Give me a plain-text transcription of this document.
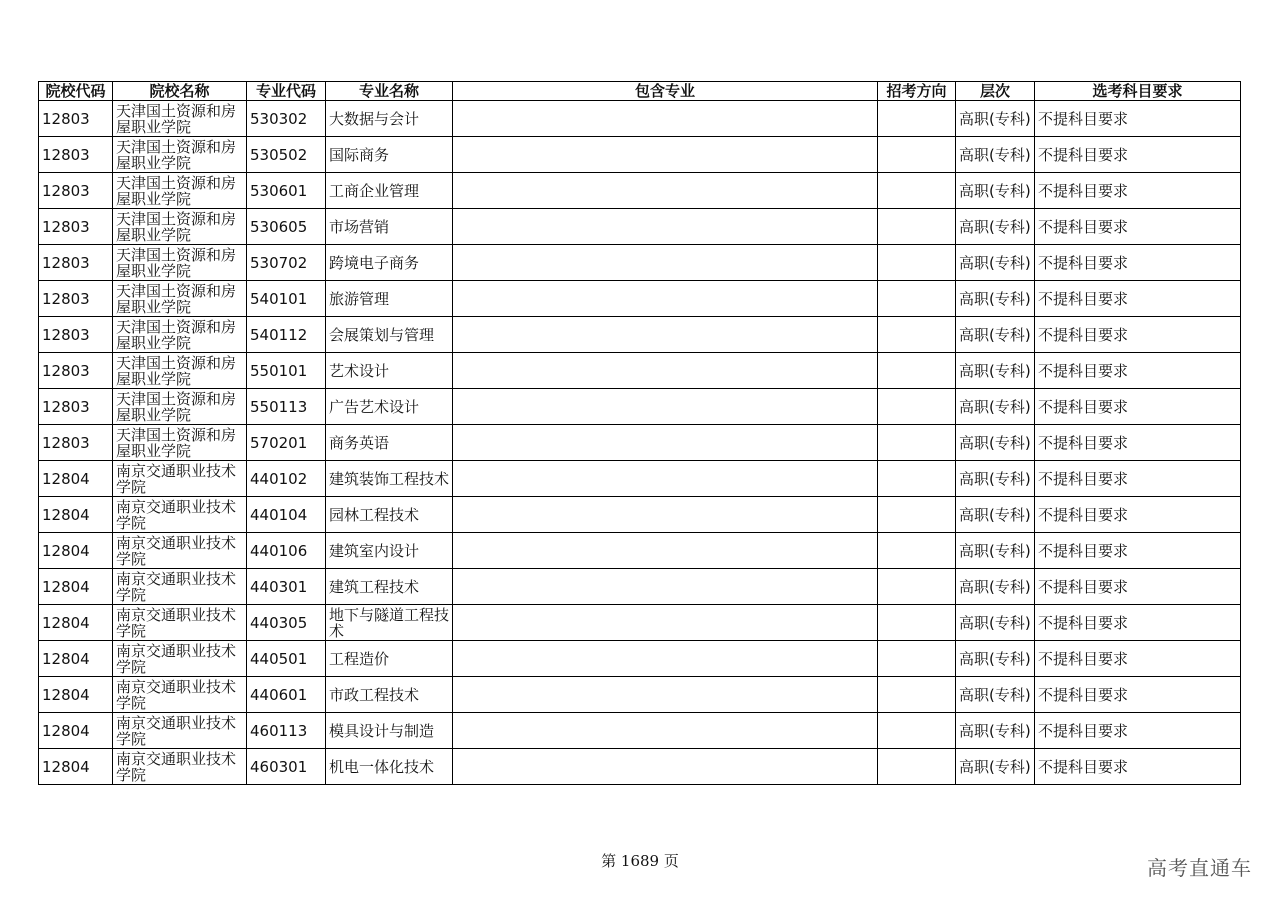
院校代码	院校名称	专业代码	专业名称	包含专业	招考方向	层次	选考科目要求
12803	天津国土资源和房屋职业学院	530302	大数据与会计			高职(专科)	不提科目要求
12803	天津国土资源和房屋职业学院	530502	国际商务			高职(专科)	不提科目要求
12803	天津国土资源和房屋职业学院	530601	工商企业管理			高职(专科)	不提科目要求
12803	天津国土资源和房屋职业学院	530605	市场营销			高职(专科)	不提科目要求
12803	天津国土资源和房屋职业学院	530702	跨境电子商务			高职(专科)	不提科目要求
12803	天津国土资源和房屋职业学院	540101	旅游管理			高职(专科)	不提科目要求
12803	天津国土资源和房屋职业学院	540112	会展策划与管理			高职(专科)	不提科目要求
12803	天津国土资源和房屋职业学院	550101	艺术设计			高职(专科)	不提科目要求
12803	天津国土资源和房屋职业学院	550113	广告艺术设计			高职(专科)	不提科目要求
12803	天津国土资源和房屋职业学院	570201	商务英语			高职(专科)	不提科目要求
12804	南京交通职业技术学院	440102	建筑装饰工程技术			高职(专科)	不提科目要求
12804	南京交通职业技术学院	440104	园林工程技术			高职(专科)	不提科目要求
12804	南京交通职业技术学院	440106	建筑室内设计			高职(专科)	不提科目要求
12804	南京交通职业技术学院	440301	建筑工程技术			高职(专科)	不提科目要求
12804	南京交通职业技术学院	440305	地下与隧道工程技术			高职(专科)	不提科目要求
12804	南京交通职业技术学院	440501	工程造价			高职(专科)	不提科目要求
12804	南京交通职业技术学院	440601	市政工程技术			高职(专科)	不提科目要求
12804	南京交通职业技术学院	460113	模具设计与制造			高职(专科)	不提科目要求
12804	南京交通职业技术学院	460301	机电一体化技术			高职(专科)	不提科目要求
第 1689 页	高考直通车
